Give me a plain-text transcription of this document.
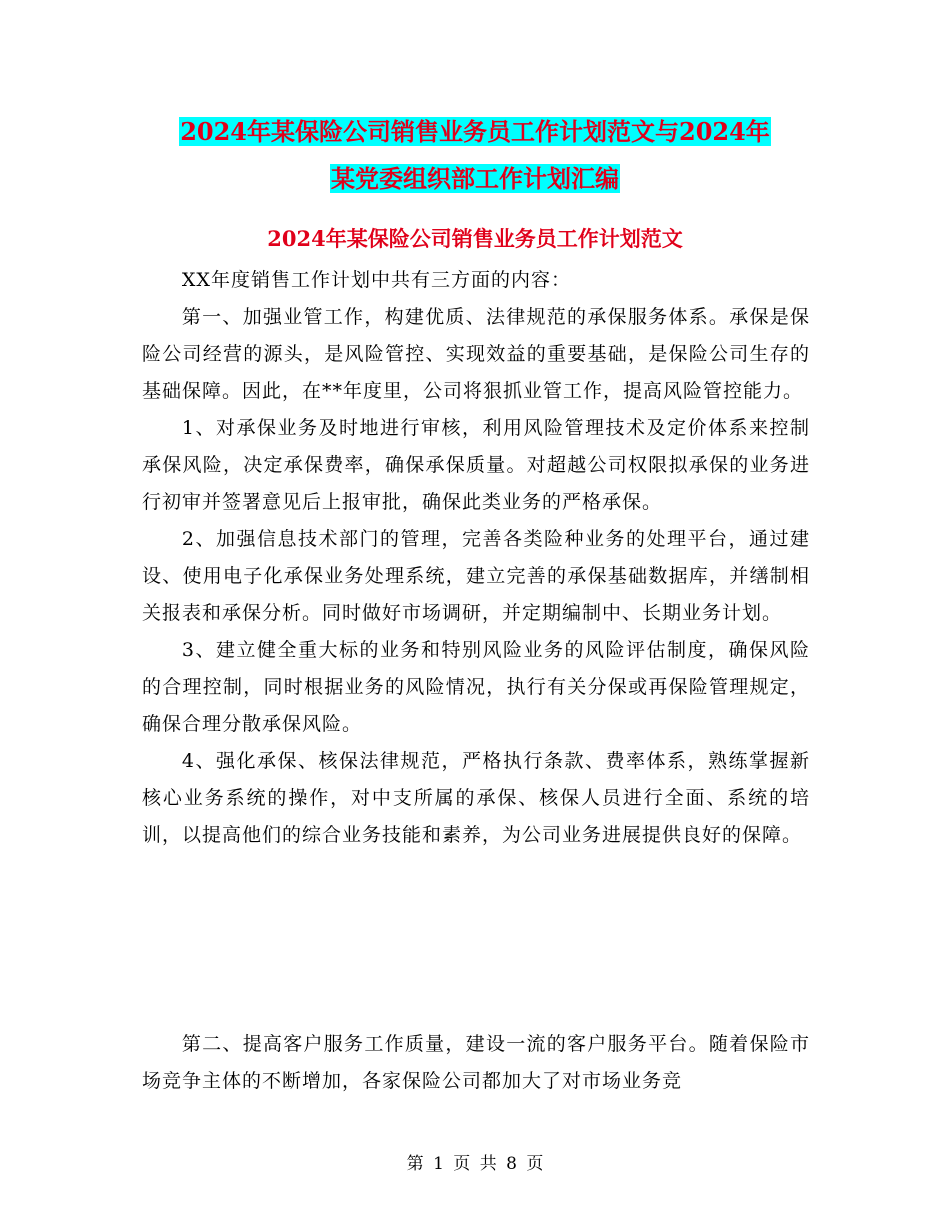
2024年某保险公司销售业务员工作计划范文与2024年
某党委组织部工作计划汇编
2024年某保险公司销售业务员工作计划范文

XX年度销售工作计划中共有三方面的内容：

第一、加强业管工作，构建优质、法律规范的承保服务体系。承保是保险公司经营的源头，是风险管控、实现效益的重要基础，是保险公司生存的基础保障。因此，在**年度里，公司将狠抓业管工作，提高风险管控能力。

1、对承保业务及时地进行审核，利用风险管理技术及定价体系来控制承保风险，决定承保费率，确保承保质量。对超越公司权限拟承保的业务进行初审并签署意见后上报审批，确保此类业务的严格承保。

2、加强信息技术部门的管理，完善各类险种业务的处理平台，通过建设、使用电子化承保业务处理系统，建立完善的承保基础数据库，并缮制相关报表和承保分析。同时做好市场调研，并定期编制中、长期业务计划。

3、建立健全重大标的业务和特别风险业务的风险评估制度，确保风险的合理控制，同时根据业务的风险情况，执行有关分保或再保险管理规定，确保合理分散承保风险。

4、强化承保、核保法律规范，严格执行条款、费率体系，熟练掌握新核心业务系统的操作，对中支所属的承保、核保人员进行全面、系统的培训，以提高他们的综合业务技能和素养，为公司业务进展提供良好的保障。

第二、提高客户服务工作质量，建设一流的客户服务平台。随着保险市场竞争主体的不断增加，各家保险公司都加大了对市场业务竞

第 1 页 共 8 页
